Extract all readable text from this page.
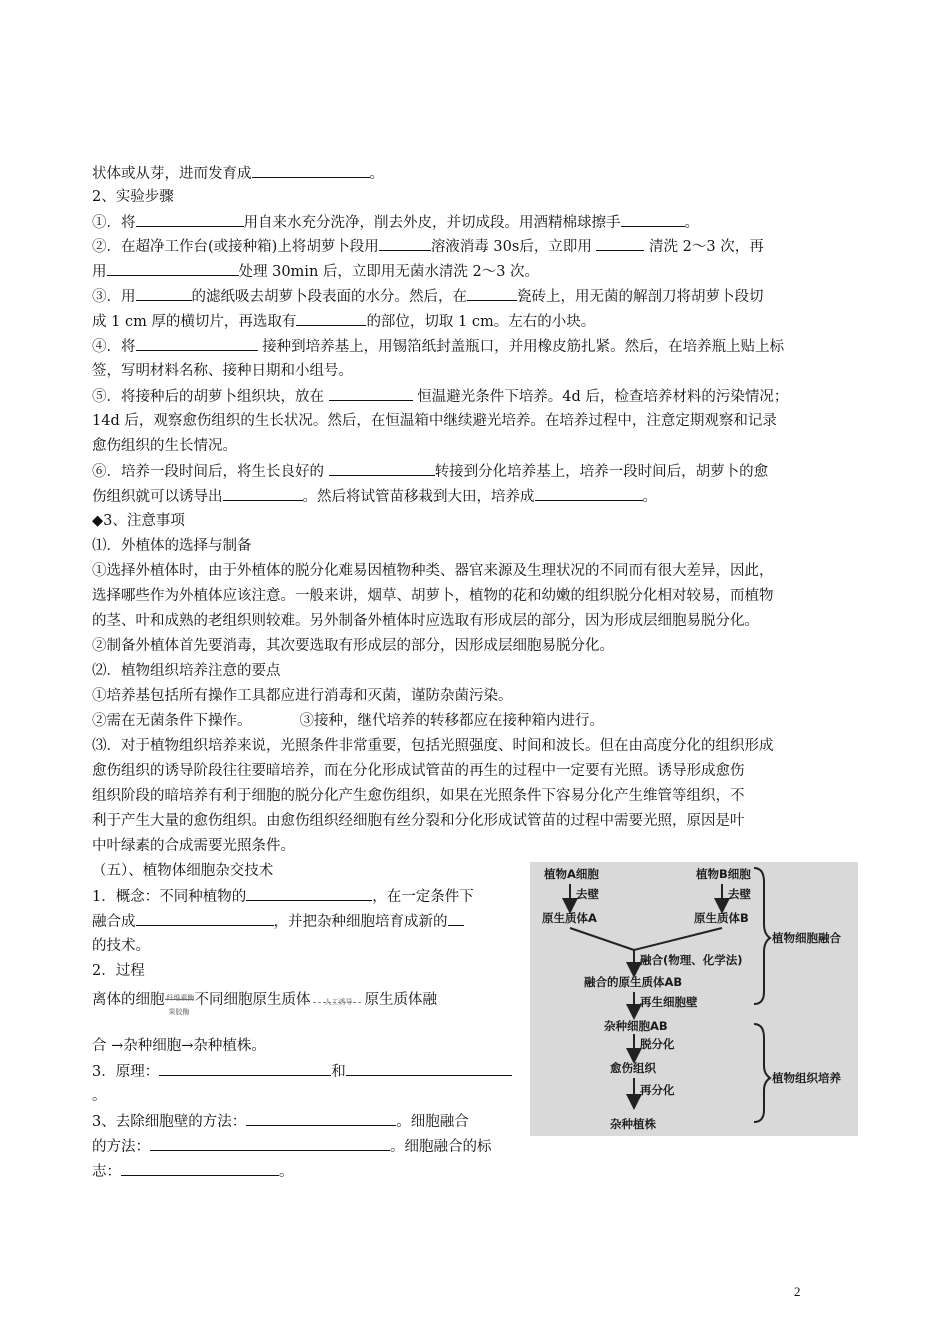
状体或从芽，进而发育成	。
2、实验步骤
①．将	用自来水充分洗净，削去外皮，并切成段。用酒精棉球擦手	。
②．在超净工作台(或接种箱)上将胡萝卜段用	溶液消毒 30s后，立即用	清洗 2～3 次，再
用	处理 30min 后，立即用无菌水清洗 2～3 次。
③．用	的滤纸吸去胡萝卜段表面的水分。然后，在	瓷砖上，用无菌的解剖刀将胡萝卜段切
成 1 cm 厚的横切片，再选取有	的部位，切取 1 cm。左右的小块。
④．将	接种到培养基上，用锡箔纸封盖瓶口，并用橡皮筋扎紧。然后，在培养瓶上贴上标
签，写明材料名称、接种日期和小组号。
⑤．将接种后的胡萝卜组织块，放在	恒温避光条件下培养。4d 后，检查培养材料的污染情况；
14d 后，观察愈伤组织的生长状况。然后，在恒温箱中继续避光培养。在培养过程中，注意定期观察和记录
愈伤组织的生长情况。
⑥．培养一段时间后，将生长良好的	转接到分化培养基上，培养一段时间后，胡萝卜的愈
伤组织就可以诱导出	。然后将试管苗移栽到大田，培养成	。
◆3、注意事项
⑴．外植体的选择与制备
①选择外植体时，由于外植体的脱分化难易因植物种类、器官来源及生理状况的不同而有很大差异，因此，
选择哪些作为外植体应该注意。一般来讲，烟草、胡萝卜，植物的花和幼嫩的组织脱分化相对较易，而植物
的茎、叶和成熟的老组织则较难。另外制备外植体时应选取有形成层的部分，因为形成层细胞易脱分化。
②制备外植体首先要消毒，其次要选取有形成层的部分，因形成层细胞易脱分化。
⑵．植物组织培养注意的要点
①培养基包括所有操作工具都应进行消毒和灭菌，谨防杂菌污染。
②需在无菌条件下操作。	③接种，继代培养的转移都应在接种箱内进行。
⑶．对于植物组织培养来说，光照条件非常重要，包括光照强度、时间和波长。但在由高度分化的组织形成
愈伤组织的诱导阶段往往要暗培养，而在分化形成试管苗的再生的过程中一定要有光照。诱导形成愈伤
组织阶段的暗培养有利于细胞的脱分化产生愈伤组织，如果在光照条件下容易分化产生维管等组织，不
利于产生大量的愈伤组织。由愈伤组织经细胞有丝分裂和分化形成试管苗的过程中需要光照，原因是叶
中叶绿素的合成需要光照条件。
（五）、植物体细胞杂交技术
1．概念：不同种植物的	，在一定条件下
融合成	，并把杂种细胞培育成新的
的技术。
2．过程
离体的细胞 纤维素酶
果胶酶
不同细胞原生质体 人工诱导 原生质体融
合 →杂种细胞→杂种植株。
3．原理：	和
。
3、去除细胞壁的方法：	。细胞融合
的方法：	。细胞融合的标
志：	。
植物A细胞	植物B细胞
去壁	去壁
原生质体A	原生质体B
融合(物理、化学法)
融合的原生质体AB
再生细胞壁
杂种细胞AB
脱分化
愈伤组织
再分化
杂种植株
植物细胞融合
植物组织培养
2
